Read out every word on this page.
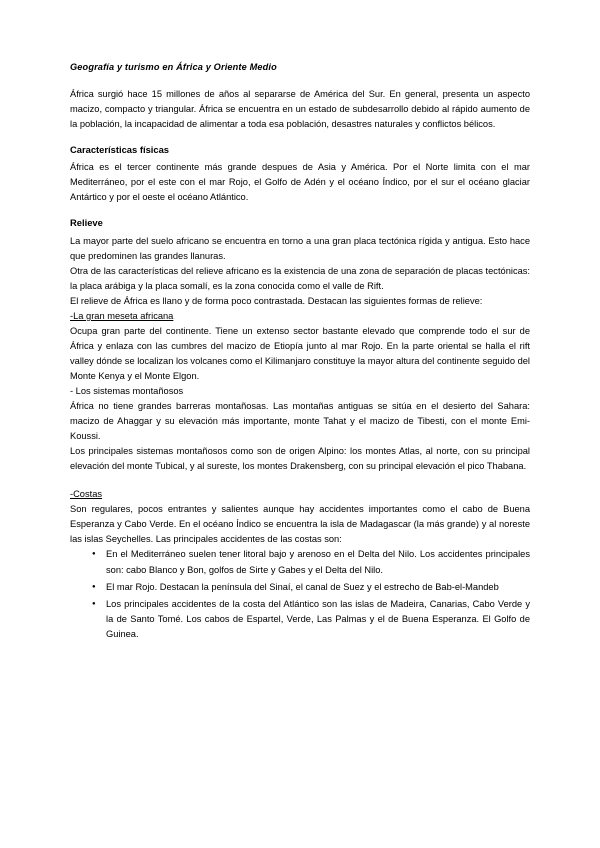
Geografía y turismo en África y Oriente Medio

África surgió hace 15 millones de años al separarse de América del Sur. En general, presenta un aspecto macizo, compacto y triangular. África se encuentra en un estado de subdesarrollo debido al rápido aumento de la población, la incapacidad de alimentar a toda esa población, desastres naturales y conflictos bélicos.

Características físicas

África es el tercer continente más grande despues de Asia y América. Por el Norte limita con el mar Mediterráneo, por el este con el mar Rojo, el Golfo de Adén y el océano Índico, por el sur el océano glaciar Antártico y por el oeste el océano Atlántico.

Relieve

La mayor parte del suelo africano se encuentra en torno a una gran placa tectónica rígida y antigua. Esto hace que predominen las grandes llanuras.

Otra de las características del relieve africano es la existencia de una zona de separación de placas tectónicas: la placa arábiga y la placa somalí, es la zona conocida como el valle de Rift.

El relieve de África es llano y de forma poco contrastada. Destacan las siguientes formas de relieve:

-La gran meseta africana

Ocupa gran parte del continente. Tiene un extenso sector bastante elevado que comprende todo el sur de África y enlaza con las cumbres del macizo de Etiopía junto al mar Rojo. En la parte oriental se halla el rift valley dónde se localizan los volcanes como el Kilimanjaro constituye la mayor altura del continente seguido del Monte Kenya y el Monte Elgon.

- Los sistemas montañosos

África no tiene grandes barreras montañosas. Las montañas antiguas se sitúa en el desierto del Sahara: macizo de Ahaggar y su elevación más importante, monte Tahat y el macizo de Tibesti, con el monte Emi-Koussi.

Los principales sistemas montañosos como son de origen Alpino: los montes Atlas, al norte, con su principal elevación del monte Tubical, y al sureste, los montes Drakensberg, con su principal elevación el pico Thabana.

-Costas

Son regulares, pocos entrantes y salientes aunque hay accidentes importantes como el cabo de Buena Esperanza y Cabo Verde. En el océano Índico se encuentra la isla de Madagascar (la más grande) y al noreste las islas Seychelles. Las principales accidentes de las costas son:

● En el Mediterráneo suelen tener litoral bajo y arenoso en el Delta del Nilo. Los accidentes principales son: cabo Blanco y Bon, golfos de Sirte y Gabes y el Delta del Nilo.
● El mar Rojo. Destacan la península del Sinaí, el canal de Suez y el estrecho de Bab-el-Mandeb
● Los principales accidentes de la costa del Atlántico son las islas de Madeira, Canarias, Cabo Verde y la de Santo Tomé. Los cabos de Espartel, Verde, Las Palmas y el de Buena Esperanza. El Golfo de Guinea.
